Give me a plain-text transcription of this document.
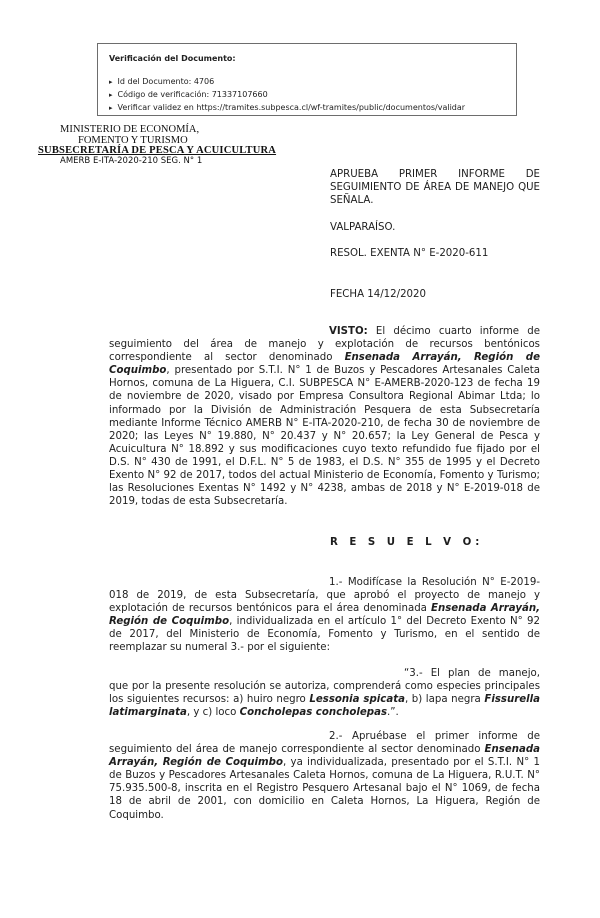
Verificación del Documento:
▸ Id del Documento: 4706
▸ Código de verificación: 71337107660
▸ Verificar validez en https://tramites.subpesca.cl/wf-tramites/public/documentos/validar
MINISTERIO DE ECONOMÍA,
FOMENTO Y TURISMO
SUBSECRETARÍA DE PESCA Y ACUICULTURA
AMERB E-ITA-2020-210 SEG. N° 1
APRUEBA PRIMER INFORME DE SEGUIMIENTO DE ÁREA DE MANEJO QUE SEÑALA.
VALPARAÍSO.
RESOL. EXENTA N° E-2020-611
FECHA 14/12/2020
VISTO: El décimo cuarto informe de seguimiento del área de manejo y explotación de recursos bentónicos correspondiente al sector denominado Ensenada Arrayán, Región de Coquimbo, presentado por S.T.I. N° 1 de Buzos y Pescadores Artesanales Caleta Hornos, comuna de La Higuera, C.I. SUBPESCA N° E-AMERB-2020-123 de fecha 19 de noviembre de 2020, visado por Empresa Consultora Regional Abimar Ltda; lo informado por la División de Administración Pesquera de esta Subsecretaría mediante Informe Técnico AMERB N° E-ITA-2020-210, de fecha 30 de noviembre de 2020; las Leyes N° 19.880, N° 20.437 y N° 20.657; la Ley General de Pesca y Acuicultura N° 18.892 y sus modificaciones cuyo texto refundido fue fijado por el D.S. N° 430 de 1991, el D.F.L. N° 5 de 1983, el D.S. N° 355 de 1995 y el Decreto Exento N° 92 de 2017, todos del actual Ministerio de Economía, Fomento y Turismo; las Resoluciones Exentas N° 1492 y N° 4238, ambas de 2018 y N° E-2019-018 de 2019, todas de esta Subsecretaría.
R E S U E L V O:
1.- Modifícase la Resolución N° E-2019-018 de 2019, de esta Subsecretaría, que aprobó el proyecto de manejo y explotación de recursos bentónicos para el área denominada Ensenada Arrayán, Región de Coquimbo, individualizada en el artículo 1° del Decreto Exento N° 92 de 2017, del Ministerio de Economía, Fomento y Turismo, en el sentido de reemplazar su numeral 3.- por el siguiente:
“3.- El plan de manejo, que por la presente resolución se autoriza, comprenderá como especies principales los siguientes recursos: a) huiro negro Lessonia spicata, b) lapa negra Fissurella latimarginata, y c) loco Concholepas concholepas.”.
2.- Apruébase el primer informe de seguimiento del área de manejo correspondiente al sector denominado Ensenada Arrayán, Región de Coquimbo, ya individualizada, presentado por el S.T.I. N° 1 de Buzos y Pescadores Artesanales Caleta Hornos, comuna de La Higuera, R.U.T. N° 75.935.500-8, inscrita en el Registro Pesquero Artesanal bajo el N° 1069, de fecha 18 de abril de 2001, con domicilio en Caleta Hornos, La Higuera, Región de Coquimbo.
